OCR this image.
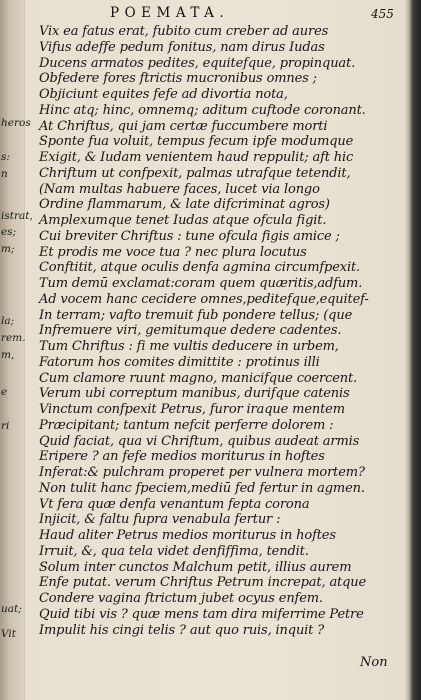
heros
s:
n
istrat,
es;
m;
la;
rem.
m,
e
ri
uat;
Vit
POEMATA.	455
Vix ea fatus erat, fubito cum creber ad aures
Vifus adeffe pedum fonitus, nam dirus Iudas
Ducens armatos pedites, equitefque, propinquat.
Obfedere fores ftrictis mucronibus omnes ;
Objiciunt equites fefe ad divortia nota,
Hinc atq; hinc, omnemq; aditum cuftode coronant.
At Chriftus, qui jam certæ fuccumbere morti
Sponte fua voluit, tempus fecum ipfe modumque
Exigit, & Iudam venientem haud reppulit; aft hic
Chriftum ut confpexit, palmas utrafque tetendit,
(Nam multas habuere faces, lucet via longo
Ordine flammarum, & late difcriminat agros)
Amplexumque tenet Iudas atque ofcula figit.
Cui breviter Chriftus : tune ofcula figis amice ;
Et prodis me voce tua ? nec plura locutus
Conftitit, atque oculis denfa agmina circumfpexit.
Tum demū exclamat:coram quem quæritis,adfum.
Ad vocem hanc cecidere omnes,peditefque,equitef-
In terram; vafto tremuit fub pondere tellus; (que
Infremuere viri, gemitumque dedere cadentes.
Tum Chriftus : fi me vultis deducere in urbem,
Fatorum hos comites dimittite : protinus illi
Cum clamore ruunt magno, manicifque coercent.
Verum ubi correptum manibus, durifque catenis
Vinctum confpexit Petrus, furor iraque mentem
Præcipitant; tantum nefcit perferre dolorem :
Quid faciat, qua vi Chriftum, quibus audeat armis
Eripere ? an fefe medios moriturus in hoftes
Inferat:& pulchram properet per vulnera mortem?
Non tulit hanc fpeciem,mediū fed fertur in agmen.
Vt fera quæ denfa venantum fepta corona
Injicit, & faltu fupra venabula fertur :
Haud aliter Petrus medios moriturus in hoftes
Irruit, &, qua tela videt denfiffima, tendit.
Solum inter cunctos Malchum petit, illius aurem
Enfe putat. verum Chriftus Petrum increpat, atque
Condere vagina ftrictum jubet ocyus enfem.
Quid tibi vis ? quæ mens tam dira miferrime Petre
Impulit his cingi telis ? aut quo ruis, inquit ?
Non
